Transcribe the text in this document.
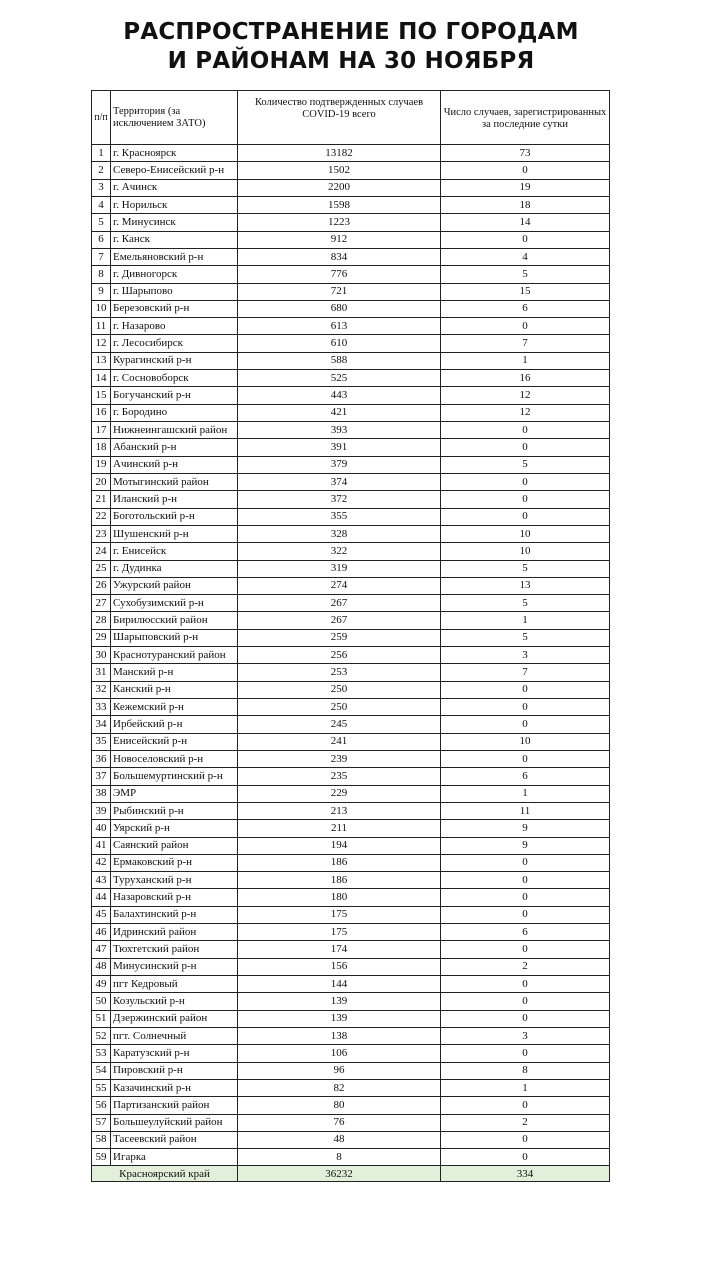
РАСПРОСТРАНЕНИЕ ПО ГОРОДАМ
И РАЙОНАМ НА 30 НОЯБРЯ
п/п	Территория (за исключением ЗАТО)	Количество подтвержденных случаев COVID-19 всего	Число случаев, зарегистрированных за последние сутки
1	г. Красноярск	13182	73
2	Северо-Енисейский р-н	1502	0
3	г. Ачинск	2200	19
4	г. Норильск	1598	18
5	г. Минусинск	1223	14
6	г. Канск	912	0
7	Емельяновский р-н	834	4
8	г. Дивногорск	776	5
9	г. Шарыпово	721	15
10	Березовский р-н	680	6
11	г. Назарово	613	0
12	г. Лесосибирск	610	7
13	Курагинский р-н	588	1
14	г. Сосновоборск	525	16
15	Богучанский р-н	443	12
16	г. Бородино	421	12
17	Нижнеингашский район	393	0
18	Абанский р-н	391	0
19	Ачинский р-н	379	5
20	Мотыгинский район	374	0
21	Иланский р-н	372	0
22	Боготольский р-н	355	0
23	Шушенский р-н	328	10
24	г. Енисейск	322	10
25	г. Дудинка	319	5
26	Ужурский район	274	13
27	Сухобузимский р-н	267	5
28	Бирилюсский район	267	1
29	Шарыповский р-н	259	5
30	Краснотуранский район	256	3
31	Манский р-н	253	7
32	Канский р-н	250	0
33	Кежемский р-н	250	0
34	Ирбейский р-н	245	0
35	Енисейский р-н	241	10
36	Новоселовский р-н	239	0
37	Большемуртинский р-н	235	6
38	ЭМР	229	1
39	Рыбинский р-н	213	11
40	Уярский р-н	211	9
41	Саянский район	194	9
42	Ермаковский р-н	186	0
43	Туруханский р-н	186	0
44	Назаровский р-н	180	0
45	Балахтинский р-н	175	0
46	Идринский район	175	6
47	Тюхтетский район	174	0
48	Минусинский р-н	156	2
49	пгт Кедровый	144	0
50	Козульский р-н	139	0
51	Дзержинский район	139	0
52	пгт. Солнечный	138	3
53	Каратузский р-н	106	0
54	Пировский р-н	96	8
55	Казачинский р-н	82	1
56	Партизанский район	80	0
57	Большеулуйский район	76	2
58	Тасеевский район	48	0
59	Игарка	8	0
Красноярский край		36232	334
